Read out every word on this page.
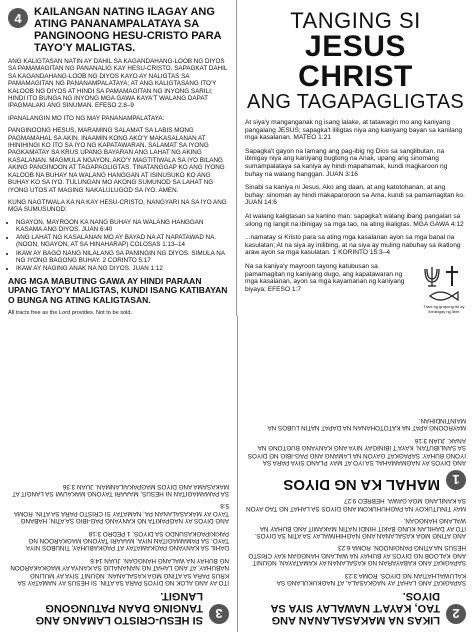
4	KAILANGAN NATING ILAGAY ANG ATING PANANAMPALATAYA SA PANGINOONG HESU-CRISTO PARA TAYO'Y MALIGTAS.

ANG KALIGTASAN NATIN AY DAHIL SA KAGANDAHANG-LOOB NG DIYOS SA PAMAMAGITAN NG PANANALIG KAY HESU-CRISTO. SAPAGKAT DAHIL SA KAGANDAHANG-LOOB NG DIYOS KAYO AY NALIGTAS SA PAMAMAGITAN NG PANANAMPALATAYA; AT ANG KALIGTASANG ITO'Y KALOOB NG DIYOS AT HINDI SA PAMAMAGITAN NG INYONG SARILI; HINDI ITO BUNGA NG INYONG MGA GAWA KAYA'T WALANG DAPAT IPAGMALAKI ANG SINUMAN. EFESO 2:8–9

IPANALANGIN MO ITO NG MAY PANANAMPALATAYA:

PANGINOONG HESUS, MARAMING SALAMAT SA LABIS MONG PAGMAMAHAL SA AKIN. INAAMIN KONG AKO'Y MAKASALANAN AT IHINIHINGI KO ITO SA IYO NG KAPATAWARAN. SALAMAT SA IYONG PAGKAMATAY SA KRUS UPANG BAYARAN ANG LAHAT NG AKING KASALANAN. MAGMULA NGAYON, AKO'Y MAGTITIWALA SA IYO BILANG AKING PANGINOON AT TAGAPAGLIGTAS. TINATANGGAP KO ANG IYONG KALOOB NA BUHAY NA WALANG HANGGAN AT ISINUSUKO KO ANG BUHAY KO SA IYO. TULUNGAN MO AKONG SUMUNOD SA LAHAT NG IYONG UTOS AT MAGING NAKALULUGOD SA IYO. AMEN.

KUNG NAGTIWALA KA NA KAY HESU-CRISTO, NANGYARI NA SA IYO ANG MGA SUMUSUNOD:

• NGAYON, MAYROON KA NANG BUHAY NA WALANG HANGGAN KASAMA ANG DIYOS. JUAN 6:40
• ANG LAHAT NG KASALANAN MO AY BAYAD NA AT NAPATAWAD NA. (NOON, NGAYON, AT SA HINAHARAP) COLOSAS 1:13–14
• IKAW AY BAGO NANG NILALANG SA PANINGIN NG DIYOS. SIMULA NA NG IYONG BAGONG BUHAY. 2 CORINTO 5:17
• IKAW AY NAGING ANAK NA NG DIYOS. JUAN 1:12

ANG MGA MABUTING GAWA AY HINDI PARAAN UPANG TAYO'Y MALIGTAS, KUNDI ISANG KATIBAYAN O BUNGA NG ATING KALIGTASAN.

All tracts free as the Lord provides. Not to be sold.

TANGING SI
JESUS CHRIST
ANG TAGAPAGLIGTAS
At siya'y manganganak ng isang lalake, at tatawagin mo ang kaniyang pangalang JESUS; sapagka't ililigtas niya ang kaniyang bayan sa kanilang mga kasalanan. MATEO 1:21
Sapagka't gayon na lamang ang pag-ibig ng Dios sa sanglibutan, na ibinigay niya ang kaniyang bugtong na Anak, upang ang sinomang sumampalataya sa kaniya ay hindi mapahamak, kundi magkaroon ng buhay na walang hanggan. JUAN 3:16
Sinabi sa kaniya ni Jesus, Ako ang daan, at ang katotohanan, at ang buhay: sinoman ay hindi makaparoroon sa Ama, kundi sa pamamagitan ko. JUAN 14:6
At walang kaligtasan sa kanino man: sapagka't walang ibang pangalan sa silong ng langit na ibinigay sa mga tao, na ating ikaligtas. MGA GAWA 4:12
...namatay si Kristo para sa ating mga kasalanan ayon sa mga banal na kasulatan; At na siya ay inilibing, at na siya ay muling nabuhay sa ikatlong araw ayon sa mga kasulatan. 1 KORINTO 15:3–4
Na sa kaniya'y mayroon tayong katubusan sa pamamagitan ng kaniyang dugo, ang kapatawaran ng mga kasalanan, ayon sa mga kayamanan ng kaniyang biyaya; EFESO 1:7
Tract ng grupong ito ay ibinibigay ng libre
2
LIKAS NA MAKASALANAN ANG TAO, KAYA'T NAWALAY SIYA SA DIYOS.

SAPAGKAT ANG LAHAT AY NAGKASALA, AT NAGKUKULANG SA KALUWALHATIAN NG DIYOS. ROMA 3:23

SAPAGKAT ANG KABAYARAN NG KASALANAN AY KAMATAYAN, NGUNIT ANG KALOOB NG DIYOS AY BUHAY NA WALANG HANGGAN KAY CRISTO HESUS NA ATING PANGINOON. ROMA 6:23

ANG ATING MGA KASALANAN ANG NAGHIHIWALAY SA ATIN SA DIYOS. ITO AY DAHILAN KUNG BAKIT HINDI NATIN MAKAMIT ANG BUHAY NA WALANG HANGGAN.

MAY TINUTUKOY NA PAGHUHUKOM ANG DIYOS SA LAHAT NG TAO AYON SA KANILANG MGA GAWA. HEBREO 9:27

1
MAHAL KA NG DIYOS

ANG DIYOS AY NAGMAMAHAL SA IYO AT MAY PLANO SIYA PARA SA IYONG BUHAY. SAPAGKAT GAYON NA LAMANG ANG PAG-IBIG NG DIYOS SA SANLIBUTAN, KAYA'T IBINIGAY NIYA ANG KANYANG BUGTONG NA ANAK. JUAN 3:16

MAYROONG APAT NA KATOTOHANAN NA DAPAT NATIN LUBOS NA MAINTINDIHAN.

3
SI HESU-CRISTO LAMANG ANG TANGING DAAN PATUNGONG LANGIT.

ITO AY ANG ALOK NG DIYOS PARA SA ATIN. SI HESUS AY NAMATAY SA KRUS PARA SA ATING MGA KASALANAN. NGUNIT SIYA AY MULING NABUHAY, AT ANG LAHAT NG NANANALIG SA KANYA AY MAGKAKAROON NG BUHAY NA WALANG HANGGAN. JUAN 14:6

DAHIL SA KANYANG PAGKAMATAY AT PAGKABUHAY, TINUBOS NIYA TAYO. SA PAMAMAGITAN NIYA, MAAARI TAYONG MAGKAROON NG PAKIKIPAGKASUNDO SA DIYOS. 1 PEDRO 3:18

ANG DIYOS AY NAGPAKITA NG KANYANG PAG-IBIG SA ATIN; HABANG TAYO AY MAKASALANAN PA, NAMATAY SI CRISTO PARA SA ATIN. ROMA 5:8

SA PAMAMAGITAN NI HESUS, MAAARI TAYONG MAKAUWI SA LANGIT AT MAKASAMA ANG DIYOS MAGPAKAILANMAN. JUAN 3:36
